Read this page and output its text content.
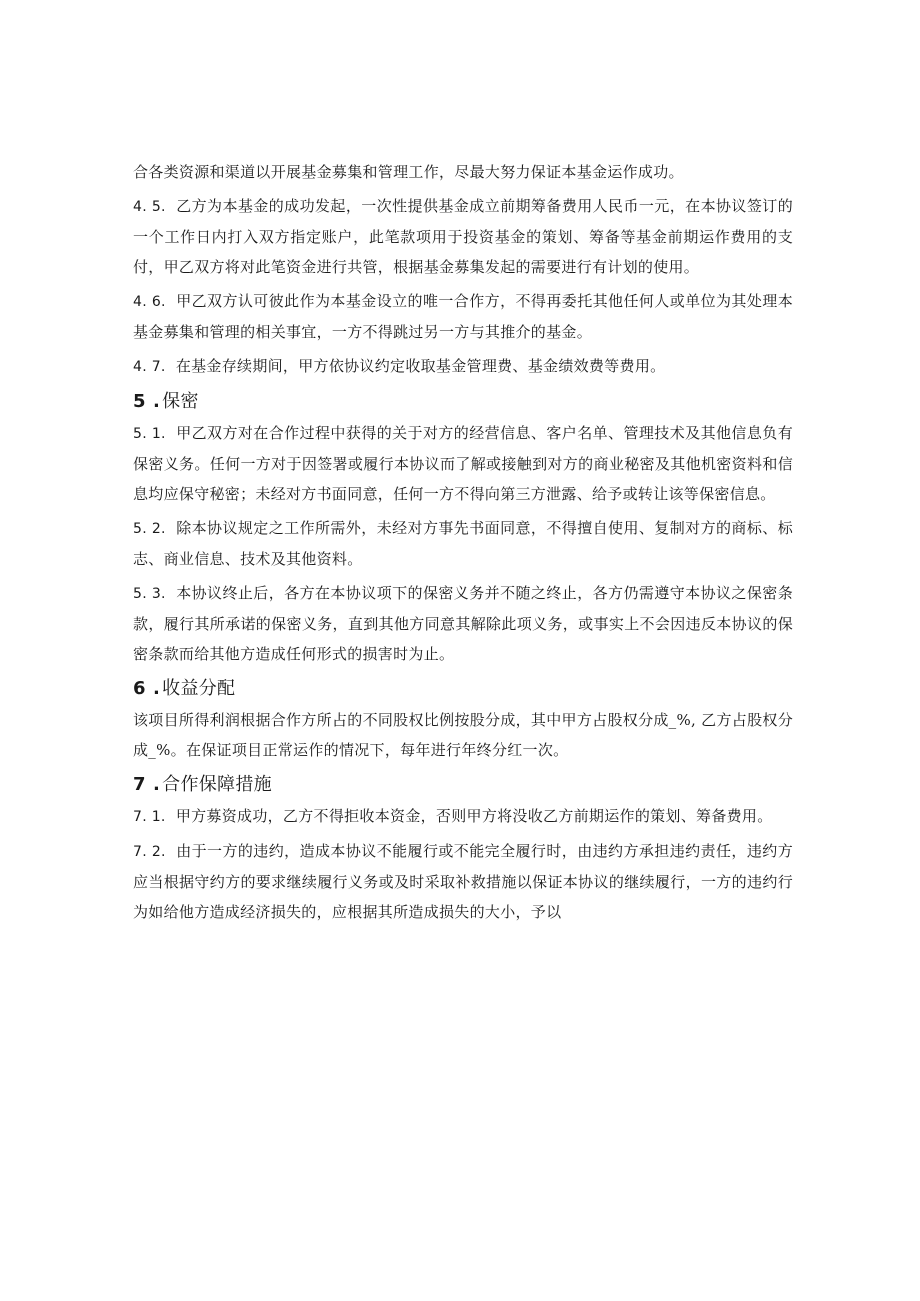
合各类资源和渠道以开展基金募集和管理工作，尽最大努力保证本基金运作成功。

4. 5. 乙方为本基金的成功发起，一次性提供基金成立前期筹备费用人民币一元，在本协议签订的一个工作日内打入双方指定账户，此笔款项用于投资基金的策划、筹备等基金前期运作费用的支付，甲乙双方将对此笔资金进行共管，根据基金募集发起的需要进行有计划的使用。

4. 6. 甲乙双方认可彼此作为本基金设立的唯一合作方，不得再委托其他任何人或单位为其处理本基金募集和管理的相关事宜，一方不得跳过另一方与其推介的基金。

4. 7. 在基金存续期间，甲方依协议约定收取基金管理费、基金绩效费等费用。

5 . 保密

5. 1. 甲乙双方对在合作过程中获得的关于对方的经营信息、客户名单、管理技术及其他信息负有保密义务。任何一方对于因签署或履行本协议而了解或接触到对方的商业秘密及其他机密资料和信息均应保守秘密；未经对方书面同意，任何一方不得向第三方泄露、给予或转让该等保密信息。

5. 2. 除本协议规定之工作所需外，未经对方事先书面同意，不得擅自使用、复制对方的商标、标志、商业信息、技术及其他资料。

5. 3. 本协议终止后，各方在本协议项下的保密义务并不随之终止，各方仍需遵守本协议之保密条款，履行其所承诺的保密义务，直到其他方同意其解除此项义务，或事实上不会因违反本协议的保密条款而给其他方造成任何形式的损害时为止。

6 . 收益分配

该项目所得利润根据合作方所占的不同股权比例按股分成，其中甲方占股权分成_%, 乙方占股权分成_%。在保证项目正常运作的情况下，每年进行年终分红一次。

7 . 合作保障措施

7. 1. 甲方募资成功，乙方不得拒收本资金，否则甲方将没收乙方前期运作的策划、筹备费用。

7. 2. 由于一方的违约，造成本协议不能履行或不能完全履行时，由违约方承担违约责任，违约方应当根据守约方的要求继续履行义务或及时采取补救措施以保证本协议的继续履行，一方的违约行为如给他方造成经济损失的，应根据其所造成损失的大小，予以
